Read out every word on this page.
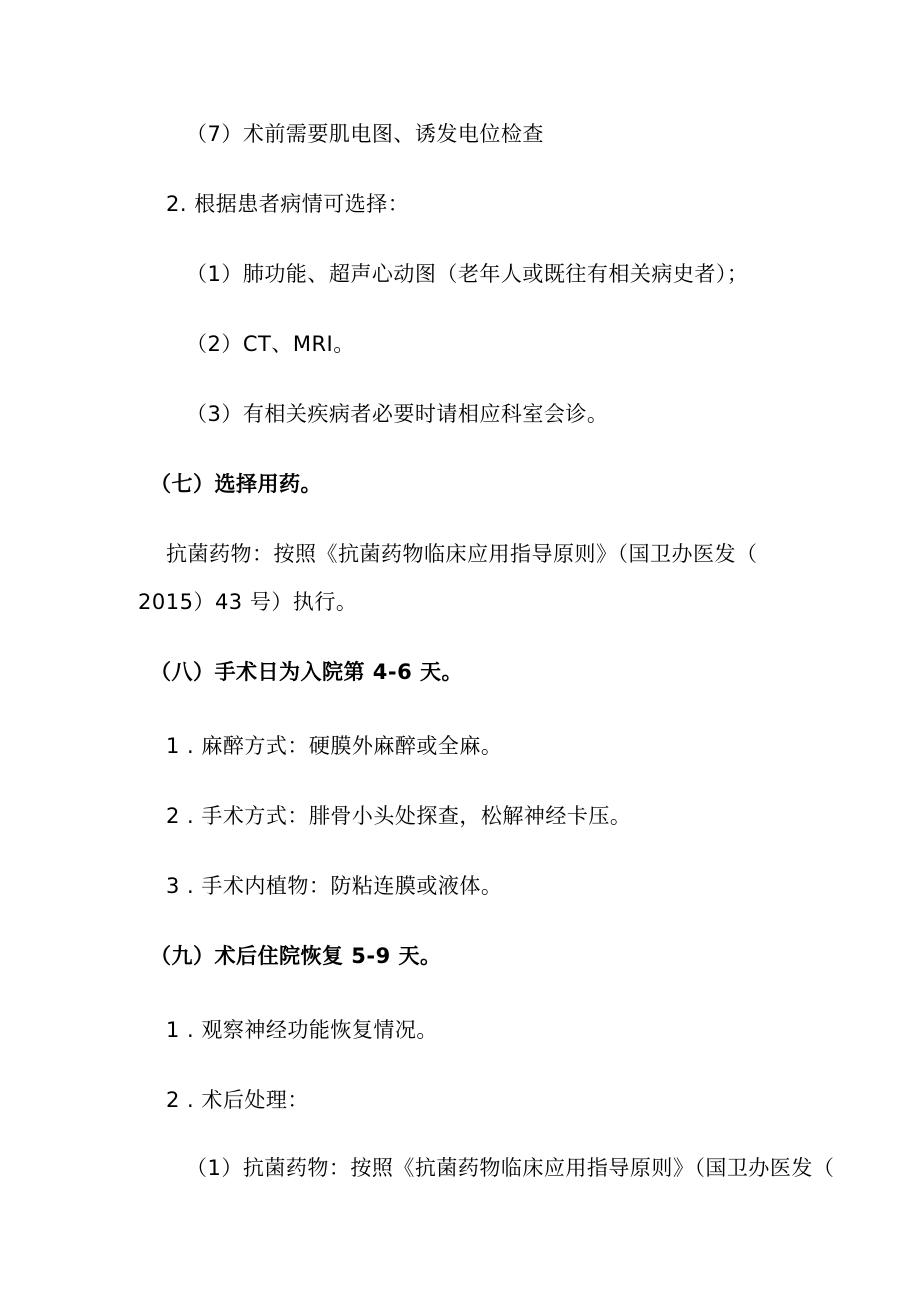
（7）术前需要肌电图、诱发电位检查
2. 根据患者病情可选择：
（1）肺功能、超声心动图（老年人或既往有相关病史者）；
（2）CT、MRI。
（3）有相关疾病者必要时请相应科室会诊。
（七）选择用药。
抗菌药物：按照《抗菌药物临床应用指导原则》（国卫办医发（
2015）43 号）执行。
（八）手术日为入院第 4-6 天。
1 . 麻醉方式：硬膜外麻醉或全麻。
2 . 手术方式：腓骨小头处探查，松解神经卡压。
3 . 手术内植物：防粘连膜或液体。
（九）术后住院恢复 5-9 天。
1 . 观察神经功能恢复情况。
2 . 术后处理：
（1）抗菌药物：按照《抗菌药物临床应用指导原则》（国卫办医发（
